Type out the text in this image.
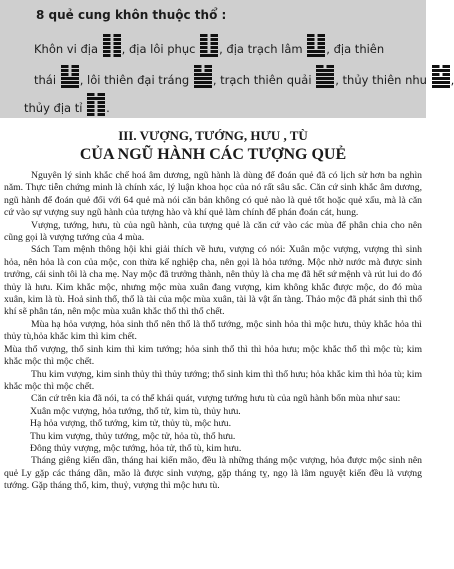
8 quẻ cung khôn thuộc thổ :
Khôn vi địa
, địa lôi phục
, địa trạch lâm
, địa thiên
thái
, lôi thiên đại tráng
, trạch thiên quải
, thủy thiên nhu
,
thủy địa tỉ
.
III. VƯỢNG, TƯỚNG, HƯU , TÙ
CỦA NGŨ HÀNH CÁC TƯỢNG QUẺ

Nguyên lý sinh khắc chế hoá âm dương, ngũ hành là dùng để đoán quẻ đã có lịch sử hơn ba nghìn năm. Thực tiễn chứng minh là chính xác, lý luận khoa học của nó rất sâu sắc. Căn cứ sinh khắc âm dương, ngũ hành để đoán quẻ đối với 64 quẻ mà nói căn bản không có quẻ nào là quẻ tốt hoặc quẻ xấu, mà là căn cứ vào sự vượng suy ngũ hành của tượng hào và khí quẻ làm chính để phán đoán cát, hung.

Vượng, tướng, hưu, tù của ngũ hành, của tượng quẻ là căn cứ vào các mùa để phân chia cho nên cũng gọi là vượng tướng của 4 mùa.

Sách Tam mệnh thông hội khi giải thích về hưu, vượng có nói: Xuân mộc vượng, vượng thì sinh hỏa, nên hỏa là con của mộc, con thừa kế nghiệp cha, nên gọi là hỏa tướng. Mộc nhờ nước mà được sinh trưởng, cái sinh tôi là cha mẹ. Nay mộc đã trưởng thành, nên thủy là cha mẹ đã hết sứ mệnh và rút lui do đó thủy là hưu. Kim khắc mộc, nhưng mộc mùa xuân đang vượng, kim không khắc được mộc, do đó mùa xuân, kim là tù. Hoả sinh thổ, thổ là tài của mộc mùa xuân, tài là vật ẩn tàng. Thảo mộc đã phát sinh thì thổ khí sẽ phân tán, nên mộc mùa xuân khắc thổ thì thổ chết.

Mùa hạ hỏa vượng, hỏa sinh thổ nên thổ là thổ tướng, mộc sinh hỏa thì mộc hưu, thủy khắc hỏa thì thủy tù,hỏa khắc kim thì kim chết.

Mùa thổ vượng, thổ sinh kim thì kim tướng; hỏa sinh thổ thì thì hỏa hưu; mộc khắc thổ thì mộc tù; kim khắc mộc thì mộc chết.

Thu kim vượng, kim sinh thủy thì thủy tướng; thổ sinh kim thì thổ hưu; hỏa khắc kim thì hỏa tù; kim khắc mộc thì mộc chết.

Căn cứ trên kia đã nói, ta có thể khái quát, vượng tướng hưu tù của ngũ hành bốn mùa như sau:

Xuân mộc vượng, hỏa tướng, thổ tử, kim tù, thủy hưu.

Hạ hỏa vượng, thổ tướng, kim tử, thủy tù, mộc hưu.

Thu kim vượng, thủy tướng, mộc tử, hỏa tù, thổ hưu.

Đông thủy vượng, mộc tướng, hỏa tử, thổ tù, kim hưu.

Tháng giêng kiến dần, tháng hai kiến mão, đều là những tháng mộc vượng, hỏa được mộc sinh nên quẻ Ly gặp các tháng dần, mão là được sinh vượng, gặp tháng tỵ, ngọ là lâm nguyệt kiến đều là vượng tướng. Gặp tháng thổ, kim, thuỷ, vượng thì mộc hưu tù.
